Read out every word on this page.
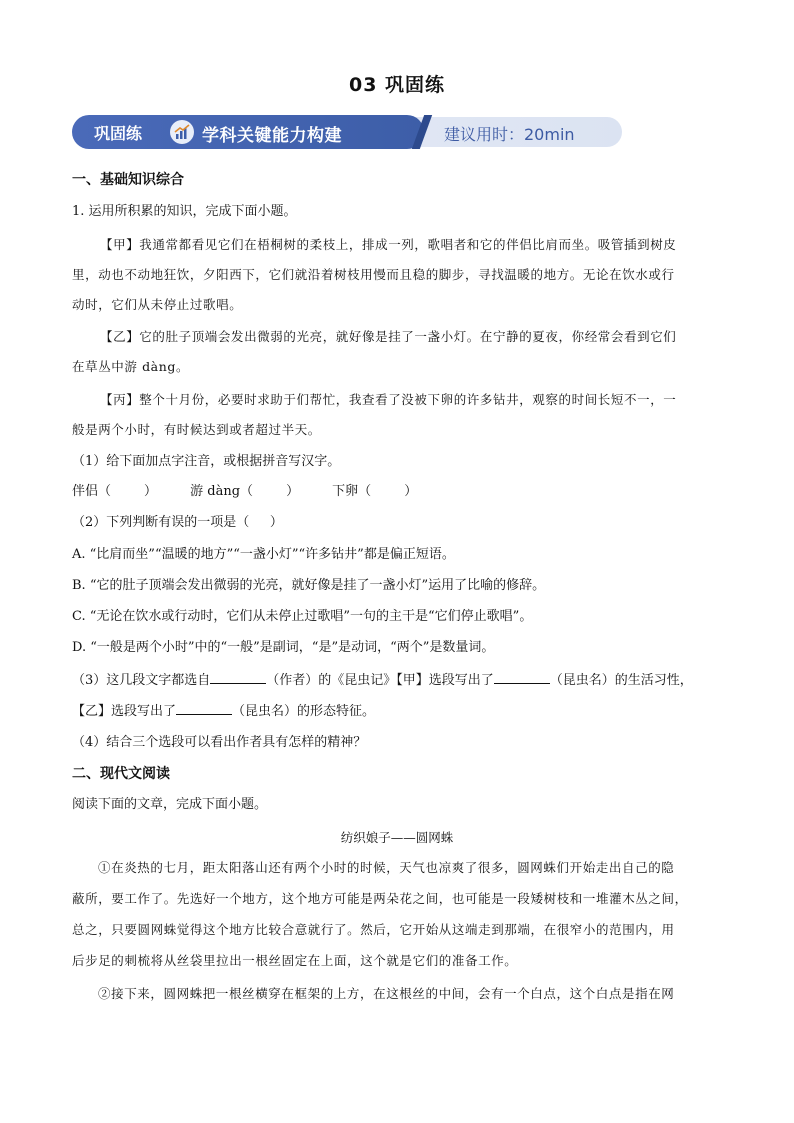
03 巩固练
巩固练	学科关键能力构建	建议用时：20min
一、基础知识综合
1. 运用所积累的知识，完成下面小题。
【甲】我通常都看见它们在梧桐树的柔枝上，排成一列，歌唱者和它的伴侣比肩而坐。吸管插到树皮
里，动也不动地狂饮，夕阳西下，它们就沿着树枝用慢而且稳的脚步，寻找温暖的地方。无论在饮水或行
动时，它们从未停止过歌唱。
【乙】它的肚子顶端会发出微弱的光亮，就好像是挂了一盏小灯。在宁静的夏夜，你经常会看到它们
在草丛中游 dàng。
【丙】整个十月份，必要时求助于们帮忙，我查看了没被下卵的许多钻井，观察的时间长短不一，一
般是两个小时，有时候达到或者超过半天。
（1）给下面加点字注音，或根据拼音写汉字。
伴侣（        ）        游 dàng（        ）        下卵（        ）
（2）下列判断有误的一项是（     ）
A. “比肩而坐”“温暖的地方”“一盏小灯”“许多钻井”都是偏正短语。
B. “它的肚子顶端会发出微弱的光亮，就好像是挂了一盏小灯”运用了比喻的修辞。
C. “无论在饮水或行动时，它们从未停止过歌唱”一句的主干是“它们停止歌唱”。
D. “一般是两个小时”中的“一般”是副词，“是”是动词，“两个”是数量词。
（3）这几段文字都选自	（作者）的《昆虫记》【甲】选段写出了	（昆虫名）的生活习性，
【乙】选段写出了	（昆虫名）的形态特征。
（4）结合三个选段可以看出作者具有怎样的精神？
二、现代文阅读
阅读下面的文章，完成下面小题。
纺织娘子——圆网蛛
①在炎热的七月，距太阳落山还有两个小时的时候，天气也凉爽了很多，圆网蛛们开始走出自己的隐
蔽所，要工作了。先选好一个地方，这个地方可能是两朵花之间，也可能是一段矮树枝和一堆灌木丛之间，
总之，只要圆网蛛觉得这个地方比较合意就行了。然后，它开始从这端走到那端，在很窄小的范围内，用
后步足的刺梳将从丝袋里拉出一根丝固定在上面，这个就是它们的准备工作。
②接下来，圆网蛛把一根丝横穿在框架的上方，在这根丝的中间，会有一个白点，这个白点是指在网
